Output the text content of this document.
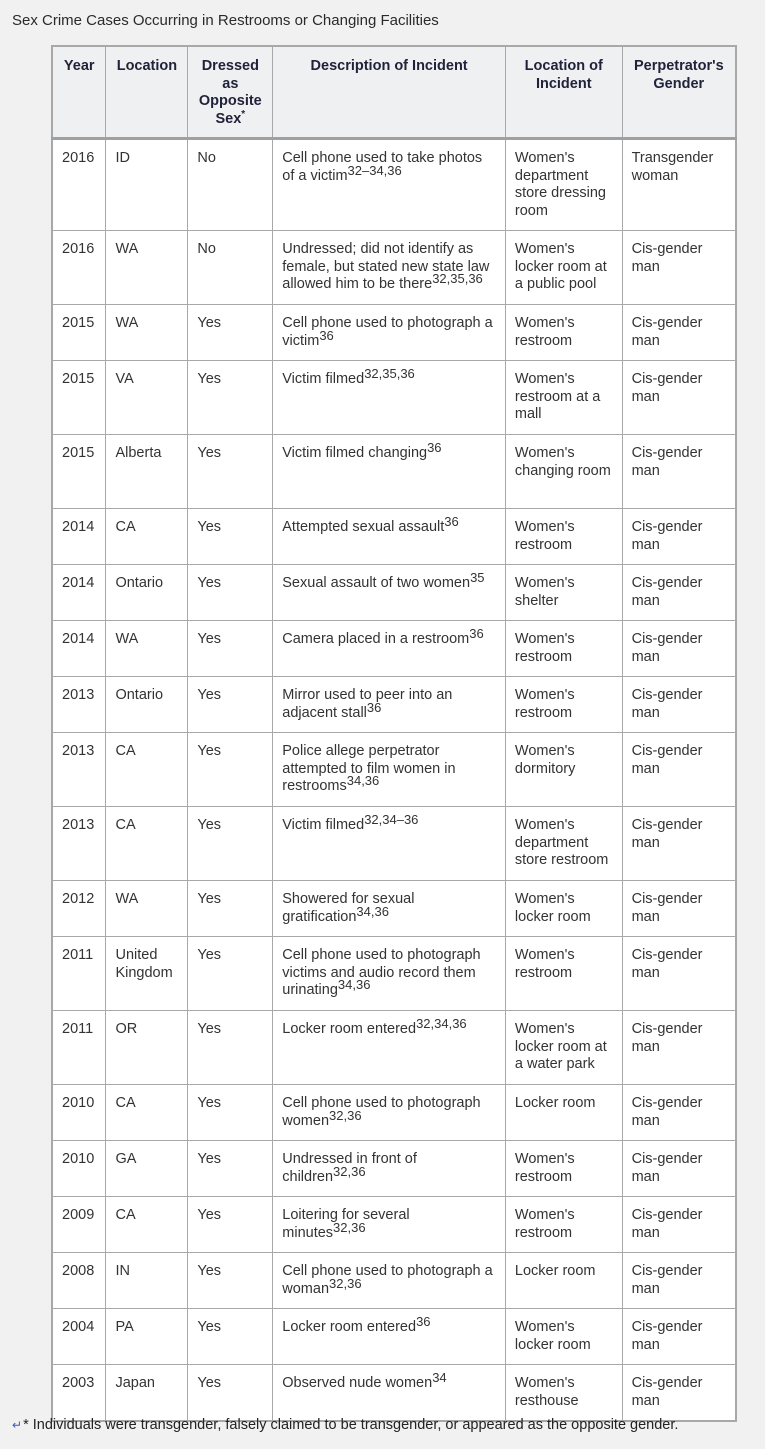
Sex Crime Cases Occurring in Restrooms or Changing Facilities
Year	Location	Dressed as Opposite Sex*	Description of Incident	Location of Incident	Perpetrator's Gender
2016	ID	No	Cell phone used to take photos of a victim$^{32-34,36}$	Women's department store dressing room	Transgender woman
2016	WA	No	Undressed; did not identify as female, but stated new state law allowed him to be there$^{32,35,36}$	Women's locker room at a public pool	Cis-gender man
2015	WA	Yes	Cell phone used to photograph a victim$^{36}$	Women's restroom	Cis-gender man
2015	VA	Yes	Victim filmed$^{32,35,36}$	Women's restroom at a mall	Cis-gender man
2015	Alberta	Yes	Victim filmed changing$^{36}$	Women's changing room	Cis-gender man
2014	CA	Yes	Attempted sexual assault$^{36}$	Women's restroom	Cis-gender man
2014	Ontario	Yes	Sexual assault of two women$^{35}$	Women's shelter	Cis-gender man
2014	WA	Yes	Camera placed in a restroom$^{36}$	Women's restroom	Cis-gender man
2013	Ontario	Yes	Mirror used to peer into an adjacent stall$^{36}$	Women's restroom	Cis-gender man
2013	CA	Yes	Police allege perpetrator attempted to film women in restrooms$^{34,36}$	Women's dormitory	Cis-gender man
2013	CA	Yes	Victim filmed$^{32,34-36}$	Women's department store restroom	Cis-gender man
2012	WA	Yes	Showered for sexual gratification$^{34,36}$	Women's locker room	Cis-gender man
2011	United Kingdom	Yes	Cell phone used to photograph victims and audio record them urinating$^{34,36}$	Women's restroom	Cis-gender man
2011	OR	Yes	Locker room entered$^{32,34,36}$	Women's locker room at a water park	Cis-gender man
2010	CA	Yes	Cell phone used to photograph women$^{32,36}$	Locker room	Cis-gender man
2010	GA	Yes	Undressed in front of children$^{32,36}$	Women's restroom	Cis-gender man
2009	CA	Yes	Loitering for several minutes$^{32,36}$	Women's restroom	Cis-gender man
2008	IN	Yes	Cell phone used to photograph a woman$^{32,36}$	Locker room	Cis-gender man
2004	PA	Yes	Locker room entered$^{36}$	Women's locker room	Cis-gender man
2003	Japan	Yes	Observed nude women$^{34}$	Women's resthouse	Cis-gender man
↵* Individuals were transgender, falsely claimed to be transgender, or appeared as the opposite gender.
